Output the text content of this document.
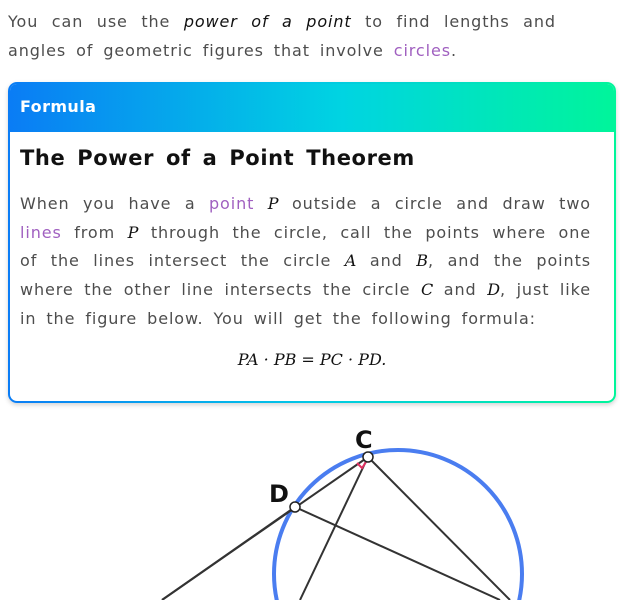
You can use the power of a point to find lengths and angles of geometric figures that involve circles.

Formula
The Power of a Point Theorem

When you have a point P outside a circle and draw two lines from P through the circle, call the points where one of the lines intersect the circle A and B, and the points where the other line intersects the circle C and D, just like in the figure below. You will get the following formula:

PA · PB = PC · PD.
C
D
